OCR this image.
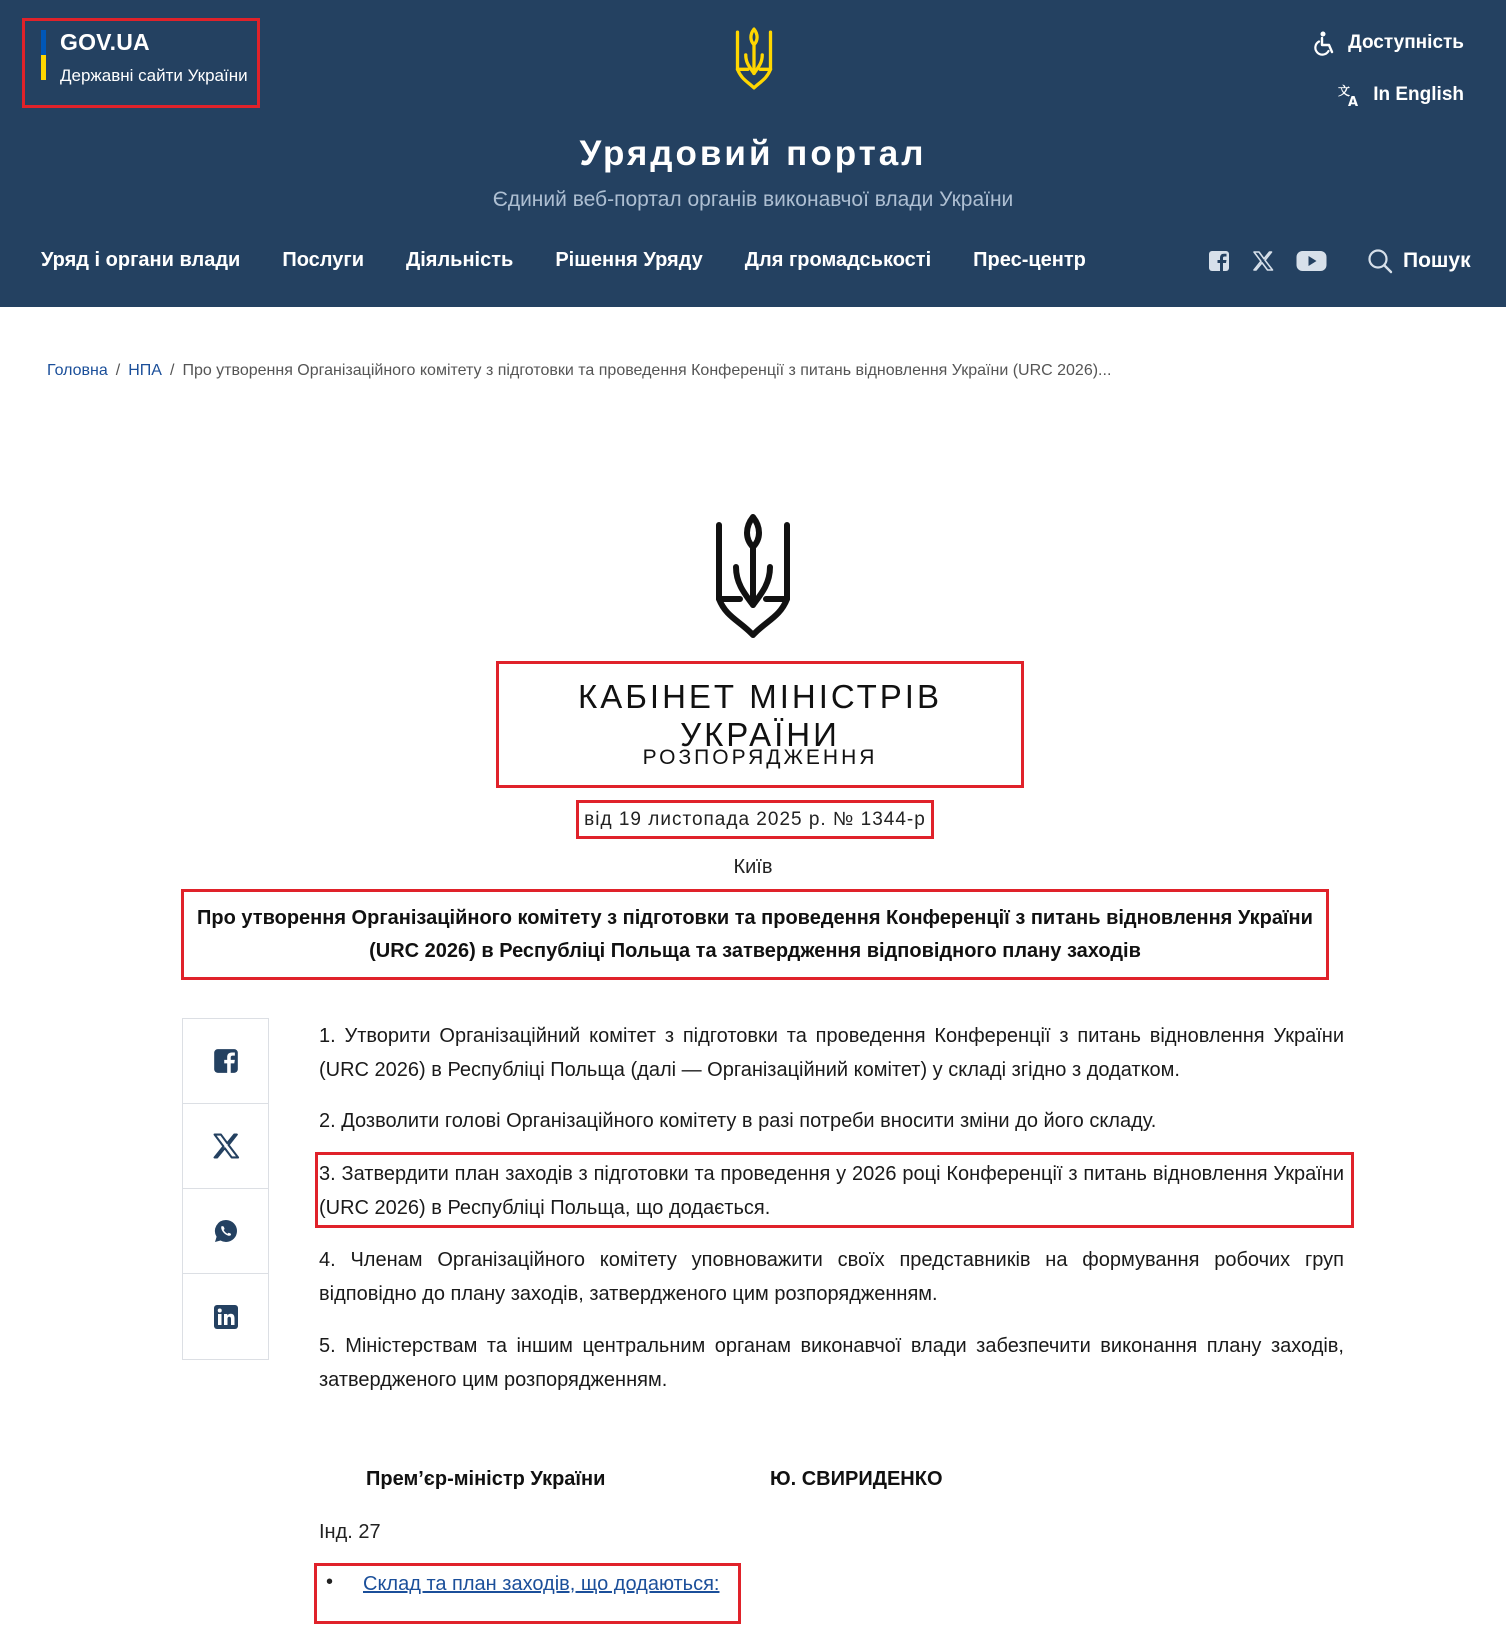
GOV.UA
Державні сайти України
Доступність
文
A In English
Урядовий портал
Єдиний веб-портал органів виконавчої влади України
Уряд і органи влади Послуги Діяльність Рішення Уряду Для громадськості Прес-центр	Пошук
Головна / НПА / Про утворення Організаційного комітету з підготовки та проведення Конференції з питань відновлення України (URC 2026)...
КАБІНЕТ МІНІСТРІВ УКРАЇНИ
РОЗПОРЯДЖЕННЯ
від 19 листопада 2025 р. № 1344-р
Київ
Про утворення Організаційного комітету з підготовки та проведення Конференції з питань відновлення України (URC 2026) в Республіці Польща та затвердження відповідного плану заходів

1. Утворити Організаційний комітет з підготовки та проведення Конференції з питань відновлення України (URC 2026) в Республіці Польща (далі — Організаційний комітет) у складі згідно з додатком.

2. Дозволити голові Організаційного комітету в разі потреби вносити зміни до його складу.

3. Затвердити план заходів з підготовки та проведення у 2026 році Конференції з питань відновлення України (URC 2026) в Республіці Польща, що додається.

4. Членам Організаційного комітету уповноважити своїх представників на формування робочих груп відповідно до плану заходів, затвердженого цим розпорядженням.

5. Міністерствам та іншим центральним органам виконавчої влади забезпечити виконання плану заходів, затвердженого цим розпорядженням.

Прем’єр-міністр України	Ю. СВИРИДЕНКО
Інд. 27
• Склад та план заходів, що додаються:
